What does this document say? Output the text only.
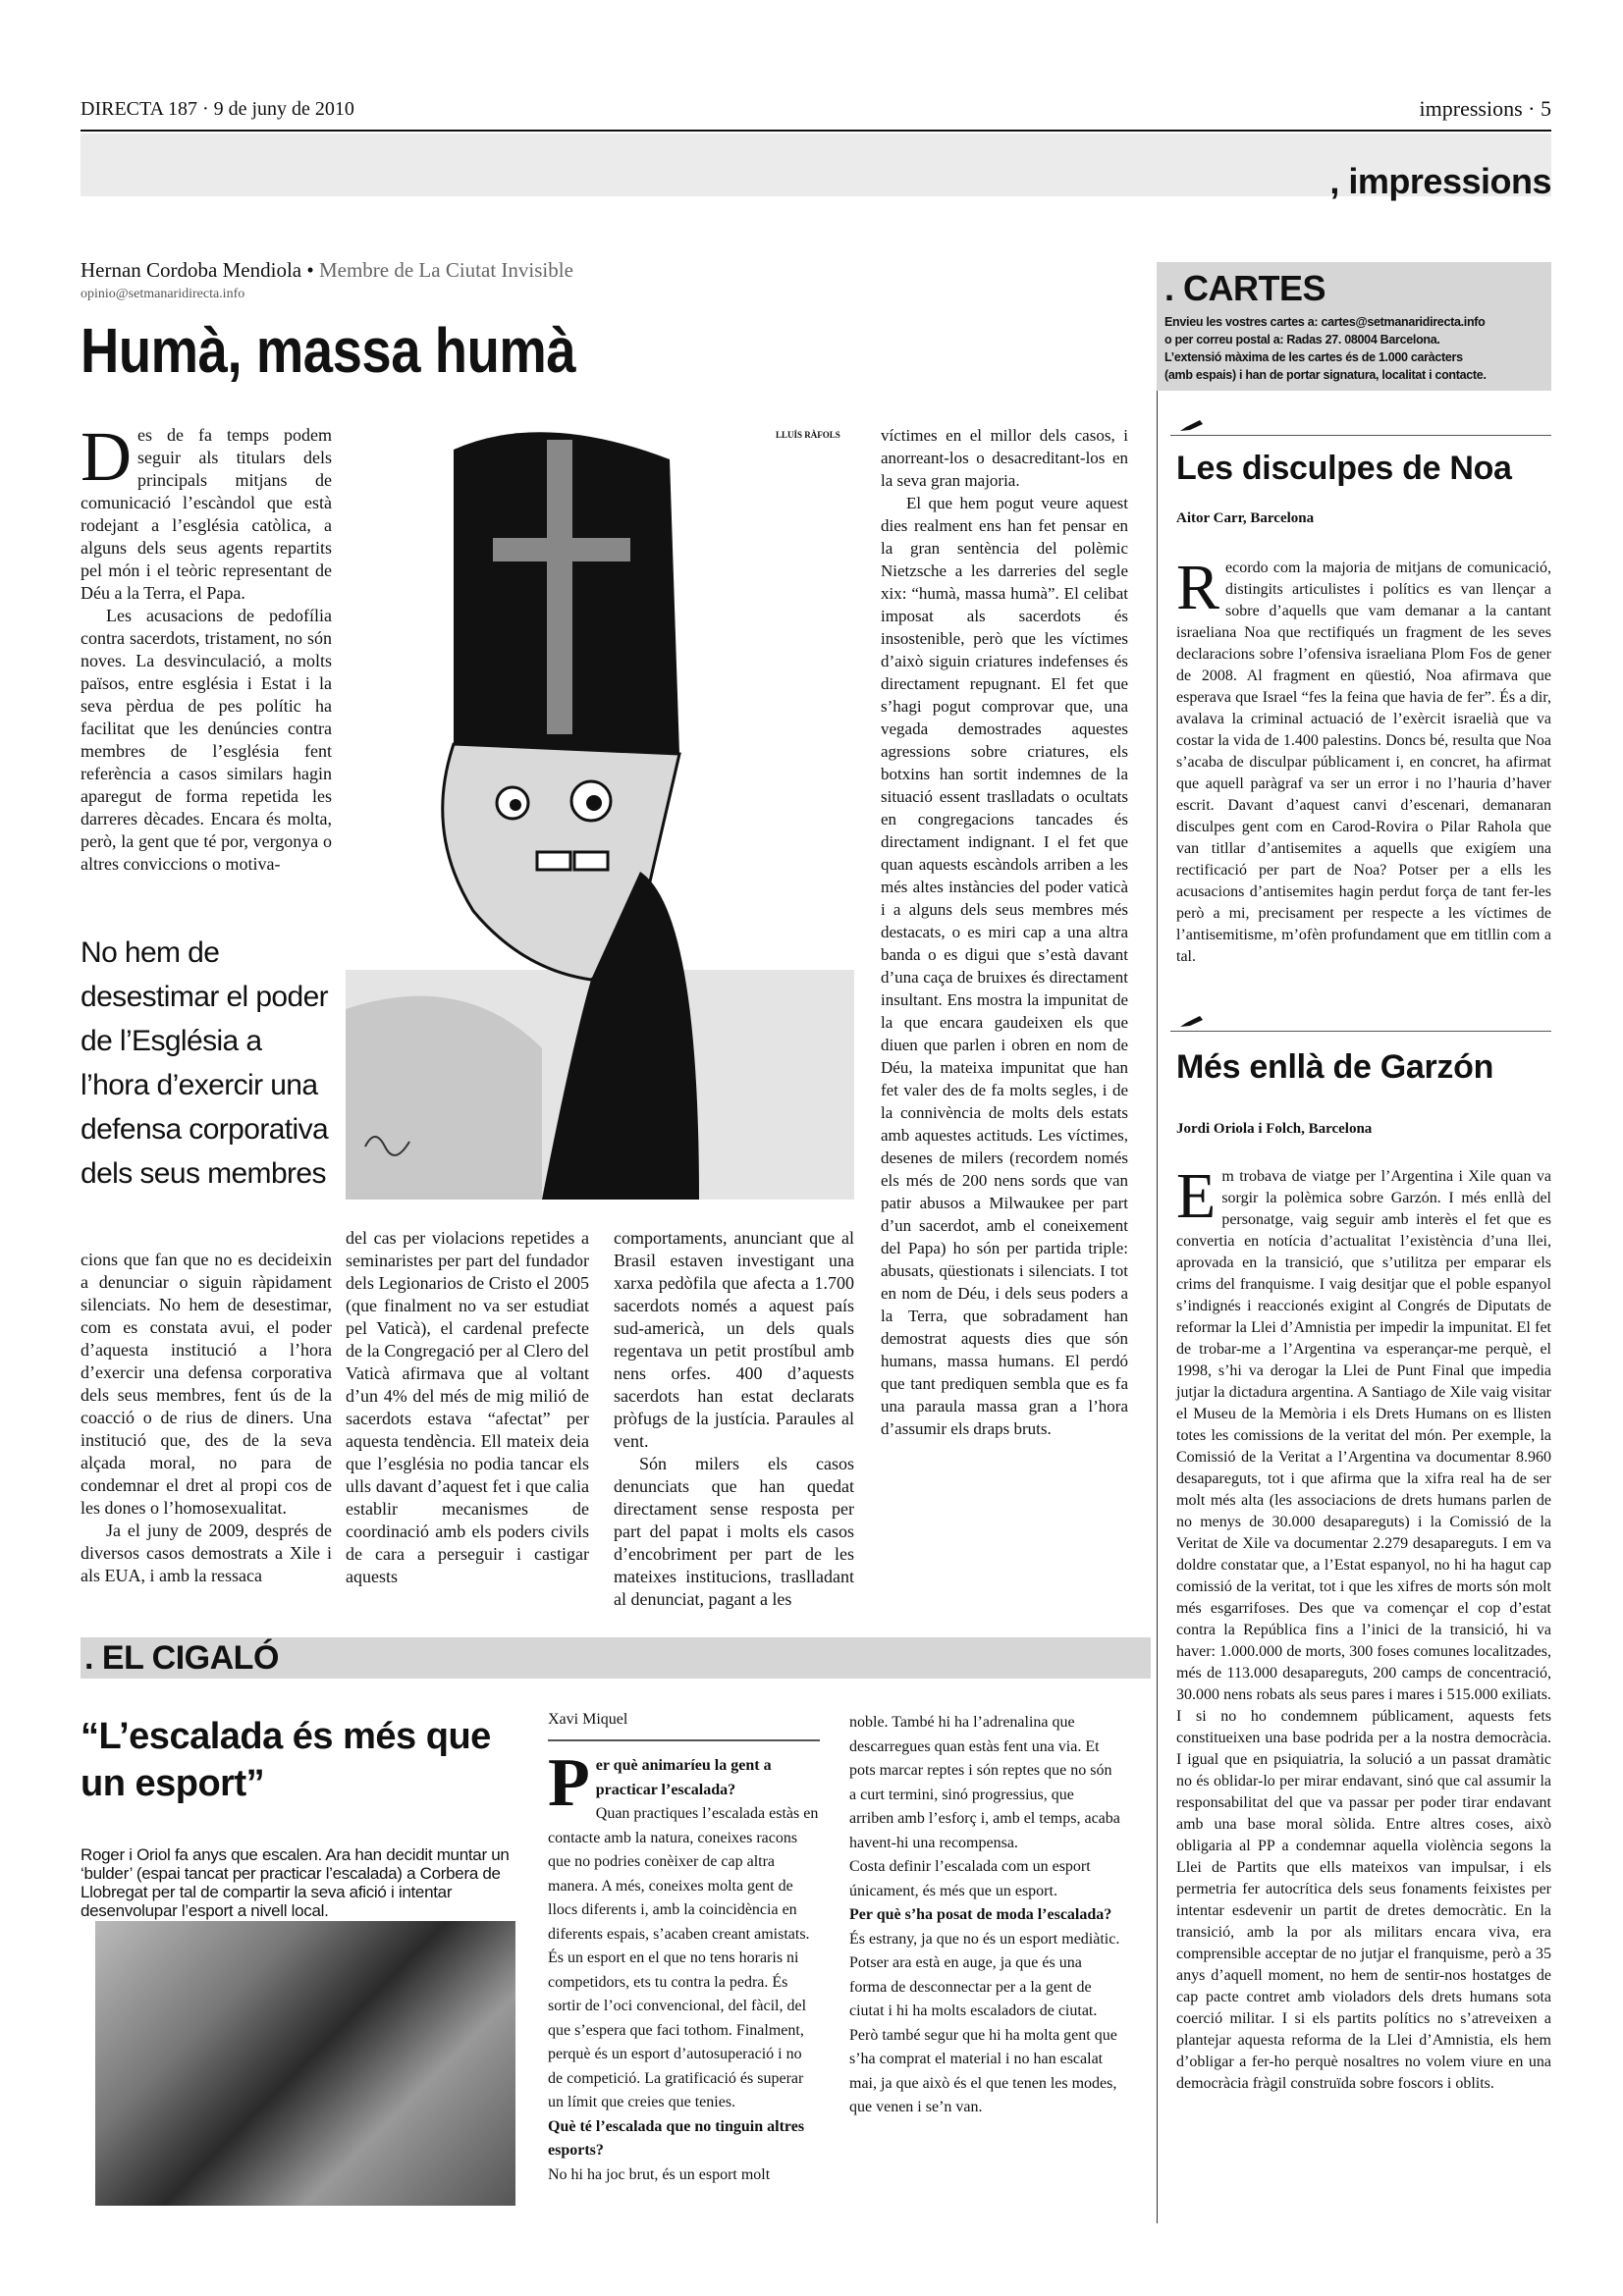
DIRECTA 187 · 9 de juny de 2010	impressions · 5
, impressions
Hernan Cordoba Mendiola • Membre de La Ciutat Invisible
opinio@setmanaridirecta.info
Humà, massa humà

Des de fa temps podem seguir als titulars dels principals mitjans de comunicació l’escàndol que està rodejant a l’església catòlica, a alguns dels seus agents repartits pel món i el teòric representant de Déu a la Terra, el Papa.

Les acusacions de pedofília contra sacerdots, tristament, no són noves. La desvinculació, a molts països, entre església i Estat i la seva pèrdua de pes polític ha facilitat que les denúncies contra membres de l’església fent referència a casos similars hagin aparegut de forma repetida les darreres dècades. Encara és molta, però, la gent que té por, vergonya o altres conviccions o motiva-

No hem de desestimar el poder de l’Església a l’hora d’exercir una defensa corporativa dels seus membres

cions que fan que no es decideixin a denunciar o siguin ràpidament silenciats. No hem de desestimar, com es constata avui, el poder d’aquesta institució a l’hora d’exercir una defensa corporativa dels seus membres, fent ús de la coacció o de rius de diners. Una institució que, des de la seva alçada moral, no para de condemnar el dret al propi cos de les dones o l’homosexualitat.

Ja el juny de 2009, després de diversos casos demostrats a Xile i als EUA, i amb la ressaca

LLUÍS RÀFOLS

del cas per violacions repetides a seminaristes per part del fundador dels Legionarios de Cristo el 2005 (que finalment no va ser estudiat pel Vaticà), el cardenal prefecte de la Congregació per al Clero del Vaticà afirmava que al voltant d’un 4% del més de mig milió de sacerdots estava “afectat” per aquesta tendència. Ell mateix deia que l’església no podia tancar els ulls davant d’aquest fet i que calia establir mecanismes de coordinació amb els poders civils de cara a perseguir i castigar aquests

comportaments, anunciant que al Brasil estaven investigant una xarxa pedòfila que afecta a 1.700 sacerdots només a aquest país sud-americà, un dels quals regentava un petit prostíbul amb nens orfes. 400 d’aquests sacerdots han estat declarats pròfugs de la justícia. Paraules al vent.

Són milers els casos denunciats que han quedat directament sense resposta per part del papat i molts els casos d’encobriment per part de les mateixes institucions, traslladant al denunciat, pagant a les

víctimes en el millor dels casos, i anorreant-los o desacreditant-los en la seva gran majoria.

El que hem pogut veure aquest dies realment ens han fet pensar en la gran sentència del polèmic Nietzsche a les darreries del segle xix: “humà, massa humà”. El celibat imposat als sacerdots és insostenible, però que les víctimes d’això siguin criatures indefenses és directament repugnant. El fet que s’hagi pogut comprovar que, una vegada demostrades aquestes agressions sobre criatures, els botxins han sortit indemnes de la situació essent traslladats o ocultats en congregacions tancades és directament indignant. I el fet que quan aquests escàndols arriben a les més altes instàncies del poder vaticà i a alguns dels seus membres més destacats, o es miri cap a una altra banda o es digui que s’està davant d’una caça de bruixes és directament insultant. Ens mostra la impunitat de la que encara gaudeixen els que diuen que parlen i obren en nom de Déu, la mateixa impunitat que han fet valer des de fa molts segles, i de la connivència de molts dels estats amb aquestes actituds. Les víctimes, desenes de milers (recordem només els més de 200 nens sords que van patir abusos a Milwaukee per part d’un sacerdot, amb el coneixement del Papa) ho són per partida triple: abusats, qüestionats i silenciats. I tot en nom de Déu, i dels seus poders a la Terra, que sobradament han demostrat aquests dies que són humans, massa humans. El perdó que tant prediquen sembla que es fa una paraula massa gran a l’hora d’assumir els draps bruts.

. CARTES
Envieu les vostres cartes a: cartes@setmanaridirecta.info
o per correu postal a: Radas 27. 08004 Barcelona.
L’extensió màxima de les cartes és de 1.000 caràcters
(amb espais) i han de portar signatura, localitat i contacte.
Les disculpes de Noa
Aitor Carr, Barcelona

Recordo com la majoria de mitjans de comunicació, distingits articulistes i polítics es van llençar a sobre d’aquells que vam demanar a la cantant israeliana Noa que rectifiqués un fragment de les seves declaracions sobre l’ofensiva israeliana Plom Fos de gener de 2008. Al fragment en qüestió, Noa afirmava que esperava que Israel “fes la feina que havia de fer”. És a dir, avalava la criminal actuació de l’exèrcit israelià que va costar la vida de 1.400 palestins. Doncs bé, resulta que Noa s’acaba de disculpar públicament i, en concret, ha afirmat que aquell paràgraf va ser un error i no l’hauria d’haver escrit. Davant d’aquest canvi d’escenari, demanaran disculpes gent com en Carod-Rovira o Pilar Rahola que van titllar d’antisemites a aquells que exigíem una rectificació per part de Noa? Potser per a ells les acusacions d’antisemites hagin perdut força de tant fer-les però a mi, precisament per respecte a les víctimes de l’antisemitisme, m’ofèn profundament que em titllin com a tal.

Més enllà de Garzón
Jordi Oriola i Folch, Barcelona

Em trobava de viatge per l’Argentina i Xile quan va sorgir la polèmica sobre Garzón. I més enllà del personatge, vaig seguir amb interès el fet que es convertia en notícia d’actualitat l’existència d’una llei, aprovada en la transició, que s’utilitza per emparar els crims del franquisme. I vaig desitjar que el poble espanyol s’indignés i reaccionés exigint al Congrés de Diputats de reformar la Llei d’Amnistia per impedir la impunitat. El fet de trobar-me a l’Argentina va esperançar-me perquè, el 1998, s’hi va derogar la Llei de Punt Final que impedia jutjar la dictadura argentina. A Santiago de Xile vaig visitar el Museu de la Memòria i els Drets Humans on es llisten totes les comissions de la veritat del món. Per exemple, la Comissió de la Veritat a l’Argentina va documentar 8.960 desapareguts, tot i que afirma que la xifra real ha de ser molt més alta (les associacions de drets humans parlen de no menys de 30.000 desapareguts) i la Comissió de la Veritat de Xile va documentar 2.279 desapareguts. I em va doldre constatar que, a l’Estat espanyol, no hi ha hagut cap comissió de la veritat, tot i que les xifres de morts són molt més esgarrifoses. Des que va començar el cop d’estat contra la República fins a l’inici de la transició, hi va haver: 1.000.000 de morts, 300 foses comunes localitzades, més de 113.000 desapareguts, 200 camps de concentració, 30.000 nens robats als seus pares i mares i 515.000 exiliats. I si no ho condemnem públicament, aquests fets constitueixen una base podrida per a la nostra democràcia. I igual que en psiquiatria, la solució a un passat dramàtic no és oblidar-lo per mirar endavant, sinó que cal assumir la responsabilitat del que va passar per poder tirar endavant amb una base moral sòlida. Entre altres coses, això obligaria al PP a condemnar aquella violència segons la Llei de Partits que ells mateixos van impulsar, i els permetria fer autocrítica dels seus fonaments feixistes per intentar esdevenir un partit de dretes democràtic. En la transició, amb la por als militars encara viva, era comprensible acceptar de no jutjar el franquisme, però a 35 anys d’aquell moment, no hem de sentir-nos hostatges de cap pacte contret amb violadors dels drets humans sota coerció militar. I si els partits polítics no s’atreveixen a plantejar aquesta reforma de la Llei d’Amnistia, els hem d’obligar a fer-ho perquè nosaltres no volem viure en una democràcia fràgil construïda sobre foscors i oblits.

. EL CIGALÓ
“L’escalada és més que un esport”
Roger i Oriol fa anys que escalen. Ara han decidit muntar un ‘bulder’ (espai tancat per practicar l’escalada) a Corbera de Llobregat per tal de compartir la seva afició i intentar desenvolupar l’esport a nivell local.
Xavi Miquel

Per què animaríeu la gent a practicar l’escalada?

Quan practiques l’escalada estàs en contacte amb la natura, coneixes racons que no podries conèixer de cap altra manera. A més, coneixes molta gent de llocs diferents i, amb la coincidència en diferents espais, s’acaben creant amistats. És un esport en el que no tens horaris ni competidors, ets tu contra la pedra. És sortir de l’oci convencional, del fàcil, del que s’espera que faci tothom. Finalment, perquè és un esport d’autosuperació i no de competició. La gratificació és superar un límit que creies que tenies.

Què té l’escalada que no tinguin altres esports?

No hi ha joc brut, és un esport molt

noble. També hi ha l’adrenalina que descarregues quan estàs fent una via. Et pots marcar reptes i són reptes que no són a curt termini, sinó progressius, que arriben amb l’esforç i, amb el temps, acaba havent-hi una recompensa.

Costa definir l’escalada com un esport únicament, és més que un esport.

Per què s’ha posat de moda l’escalada?

És estrany, ja que no és un esport mediàtic. Potser ara està en auge, ja que és una forma de desconnectar per a la gent de ciutat i hi ha molts escaladors de ciutat. Però també segur que hi ha molta gent que s’ha comprat el material i no han escalat mai, ja que això és el que tenen les modes, que venen i se’n van.
